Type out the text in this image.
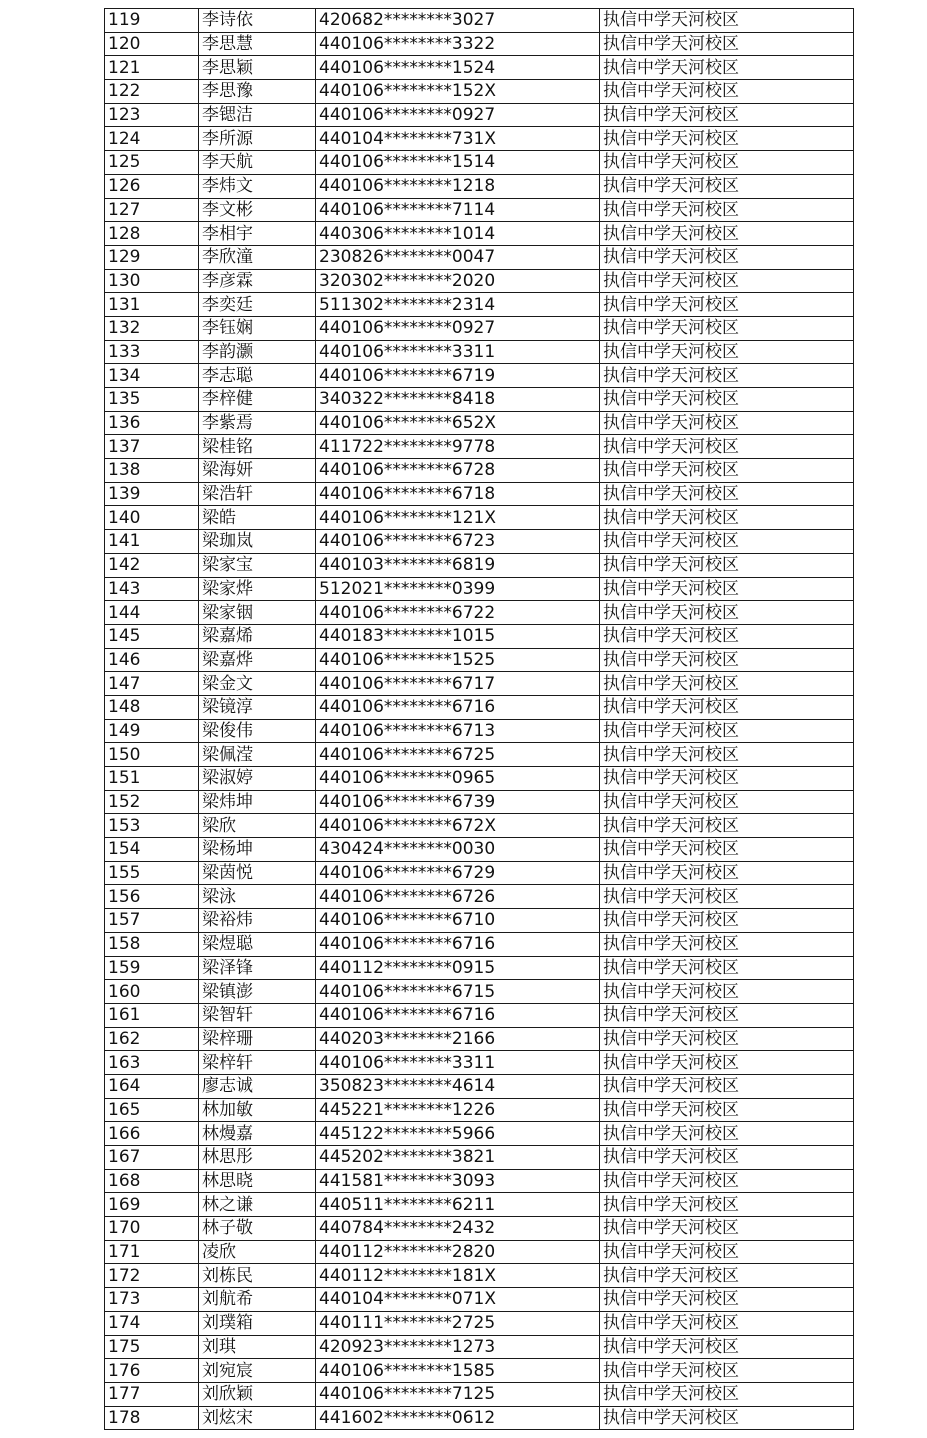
119	李诗依	420682********3027	执信中学天河校区
120	李思慧	440106********3322	执信中学天河校区
121	李思颖	440106********1524	执信中学天河校区
122	李思豫	440106********152X	执信中学天河校区
123	李锶洁	440106********0927	执信中学天河校区
124	李所源	440104********731X	执信中学天河校区
125	李天航	440106********1514	执信中学天河校区
126	李炜文	440106********1218	执信中学天河校区
127	李文彬	440106********7114	执信中学天河校区
128	李相宇	440306********1014	执信中学天河校区
129	李欣潼	230826********0047	执信中学天河校区
130	李彦霖	320302********2020	执信中学天河校区
131	李奕廷	511302********2314	执信中学天河校区
132	李钰娴	440106********0927	执信中学天河校区
133	李韵灏	440106********3311	执信中学天河校区
134	李志聪	440106********6719	执信中学天河校区
135	李梓健	340322********8418	执信中学天河校区
136	李紫焉	440106********652X	执信中学天河校区
137	梁桂铭	411722********9778	执信中学天河校区
138	梁海妍	440106********6728	执信中学天河校区
139	梁浩轩	440106********6718	执信中学天河校区
140	梁皓	440106********121X	执信中学天河校区
141	梁珈岚	440106********6723	执信中学天河校区
142	梁家宝	440103********6819	执信中学天河校区
143	梁家烨	512021********0399	执信中学天河校区
144	梁家铟	440106********6722	执信中学天河校区
145	梁嘉烯	440183********1015	执信中学天河校区
146	梁嘉烨	440106********1525	执信中学天河校区
147	梁金文	440106********6717	执信中学天河校区
148	梁镜淳	440106********6716	执信中学天河校区
149	梁俊伟	440106********6713	执信中学天河校区
150	梁佩滢	440106********6725	执信中学天河校区
151	梁淑婷	440106********0965	执信中学天河校区
152	梁炜坤	440106********6739	执信中学天河校区
153	梁欣	440106********672X	执信中学天河校区
154	梁杨坤	430424********0030	执信中学天河校区
155	梁茵悦	440106********6729	执信中学天河校区
156	梁泳	440106********6726	执信中学天河校区
157	梁裕炜	440106********6710	执信中学天河校区
158	梁煜聪	440106********6716	执信中学天河校区
159	梁泽锋	440112********0915	执信中学天河校区
160	梁镇澎	440106********6715	执信中学天河校区
161	梁智轩	440106********6716	执信中学天河校区
162	梁梓珊	440203********2166	执信中学天河校区
163	梁梓轩	440106********3311	执信中学天河校区
164	廖志诚	350823********4614	执信中学天河校区
165	林加敏	445221********1226	执信中学天河校区
166	林熳嘉	445122********5966	执信中学天河校区
167	林思彤	445202********3821	执信中学天河校区
168	林思晓	441581********3093	执信中学天河校区
169	林之谦	440511********6211	执信中学天河校区
170	林子敬	440784********2432	执信中学天河校区
171	凌欣	440112********2820	执信中学天河校区
172	刘栋民	440112********181X	执信中学天河校区
173	刘航希	440104********071X	执信中学天河校区
174	刘璞箱	440111********2725	执信中学天河校区
175	刘琪	420923********1273	执信中学天河校区
176	刘宛宸	440106********1585	执信中学天河校区
177	刘欣颖	440106********7125	执信中学天河校区
178	刘炫宋	441602********0612	执信中学天河校区
